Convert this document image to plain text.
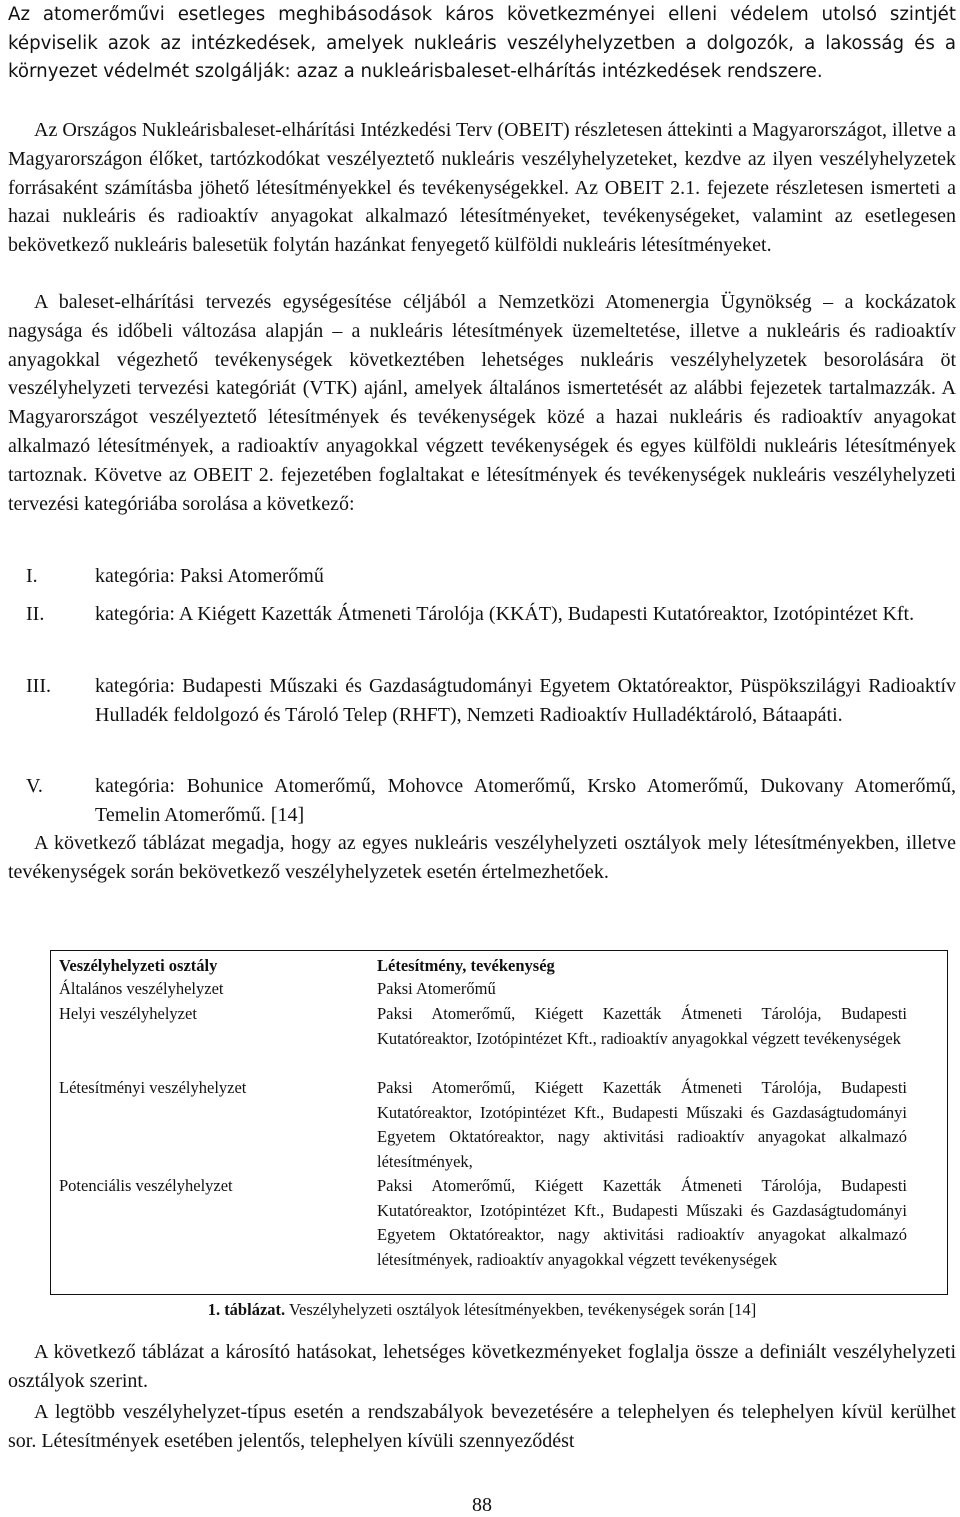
Az atomerőművi esetleges meghibásodások káros következményei elleni védelem utolsó szintjét képviselik azok az intézkedések, amelyek nukleáris veszélyhelyzetben a dolgozók, a lakosság és a környezet védelmét szolgálják: azaz a nukleárisbaleset-elhárítás intézkedések rendszere.

Az Országos Nukleárisbaleset-elhárítási Intézkedési Terv (OBEIT) részletesen áttekinti a Magyarországot, illetve a Magyarországon élőket, tartózkodókat veszélyeztető nukleáris veszélyhelyzeteket, kezdve az ilyen veszélyhelyzetek forrásaként számításba jöhető létesítményekkel és tevékenységekkel. Az OBEIT 2.1. fejezete részletesen ismerteti a hazai nukleáris és radioaktív anyagokat alkalmazó létesítményeket, tevékenységeket, valamint az esetlegesen bekövetkező nukleáris balesetük folytán hazánkat fenyegető külföldi nukleáris létesítményeket.

A baleset-elhárítási tervezés egységesítése céljából a Nemzetközi Atomenergia Ügynökség – a kockázatok nagysága és időbeli változása alapján – a nukleáris létesítmények üzemeltetése, illetve a nukleáris és radioaktív anyagokkal végezhető tevékenységek következtében lehetséges nukleáris veszélyhelyzetek besorolására öt veszélyhelyzeti tervezési kategóriát (VTK) ajánl, amelyek általános ismertetését az alábbi fejezetek tartalmazzák. A Magyarországot veszélyeztető létesítmények és tevékenységek közé a hazai nukleáris és radioaktív anyagokat alkalmazó létesítmények, a radioaktív anyagokkal végzett tevékenységek és egyes külföldi nukleáris létesítmények tartoznak. Követve az OBEIT 2. fejezetében foglaltakat e létesítmények és tevékenységek nukleáris veszélyhelyzeti tervezési kategóriába sorolása a következő:

I.	kategória: Paksi Atomerőmű
II.	kategória: A Kiégett Kazetták Átmeneti Tárolója (KKÁT), Budapesti Kutatóreaktor, Izotópintézet Kft.
III. kategória: Budapesti Műszaki és Gazdaságtudományi Egyetem Oktatóreaktor, Püspökszilágyi Radioaktív Hulladék feldolgozó és Tároló Telep (RHFT), Nemzeti Radioaktív Hulladéktároló, Bátaapáti.
V.	kategória: Bohunice Atomerőmű, Mohovce Atomerőmű, Krsko Atomerőmű, Dukovany Atomerőmű, Temelin Atomerőmű. [14]

A következő táblázat megadja, hogy az egyes nukleáris veszélyhelyzeti osztályok mely létesítményekben, illetve tevékenységek során bekövetkező veszélyhelyzetek esetén értelmezhetőek.

Veszélyhelyzeti osztály	Létesítmény, tevékenység
Általános veszélyhelyzet	Paksi Atomerőmű
Helyi veszélyhelyzet	Paksi Atomerőmű, Kiégett Kazetták Átmeneti Tárolója, Budapesti Kutatóreaktor, Izotópintézet Kft., radioaktív anyagokkal végzett tevékenységek
Létesítményi veszélyhelyzet	Paksi Atomerőmű, Kiégett Kazetták Átmeneti Tárolója, Budapesti Kutatóreaktor, Izotópintézet Kft., Budapesti Műszaki és Gazdaságtudományi Egyetem Oktatóreaktor, nagy aktivitási radioaktív anyagokat alkalmazó létesítmények,
Potenciális veszélyhelyzet	Paksi Atomerőmű, Kiégett Kazetták Átmeneti Tárolója, Budapesti Kutatóreaktor, Izotópintézet Kft., Budapesti Műszaki és Gazdaságtudományi Egyetem Oktatóreaktor, nagy aktivitási radioaktív anyagokat alkalmazó létesítmények, radioaktív anyagokkal végzett tevékenységek
1. táblázat. Veszélyhelyzeti osztályok létesítményekben, tevékenységek során [14]

A következő táblázat a károsító hatásokat, lehetséges következményeket foglalja össze a definiált veszélyhelyzeti osztályok szerint.

A legtöbb veszélyhelyzet-típus esetén a rendszabályok bevezetésére a telephelyen és telephelyen kívül kerülhet sor. Létesítmények esetében jelentős, telephelyen kívüli szennyeződést

88
